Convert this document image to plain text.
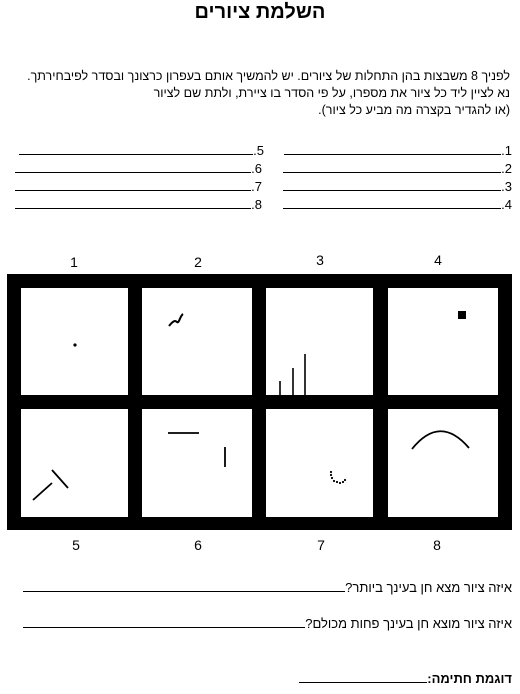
השלמת ציורים
לפניך 8 משבצות בהן התחלות של ציורים. יש להמשיך אותם בעפרון כרצונך ובסדר לפיבחירתך.
נא לציין ליד כל ציור את מספרו, על פי הסדר בו ציירת, ולתת שם לציור
(או להגדיר בקצרה מה מביע כל ציור).
1.
2.
3.
4.
5.
6.
7.
8.
1	2	3	4
5	6	7	8
איזה ציור מצא חן בעינך ביותר?
איזה ציור מוצא חן בעינך פחות מכולם?
דוגמת חתימה:
